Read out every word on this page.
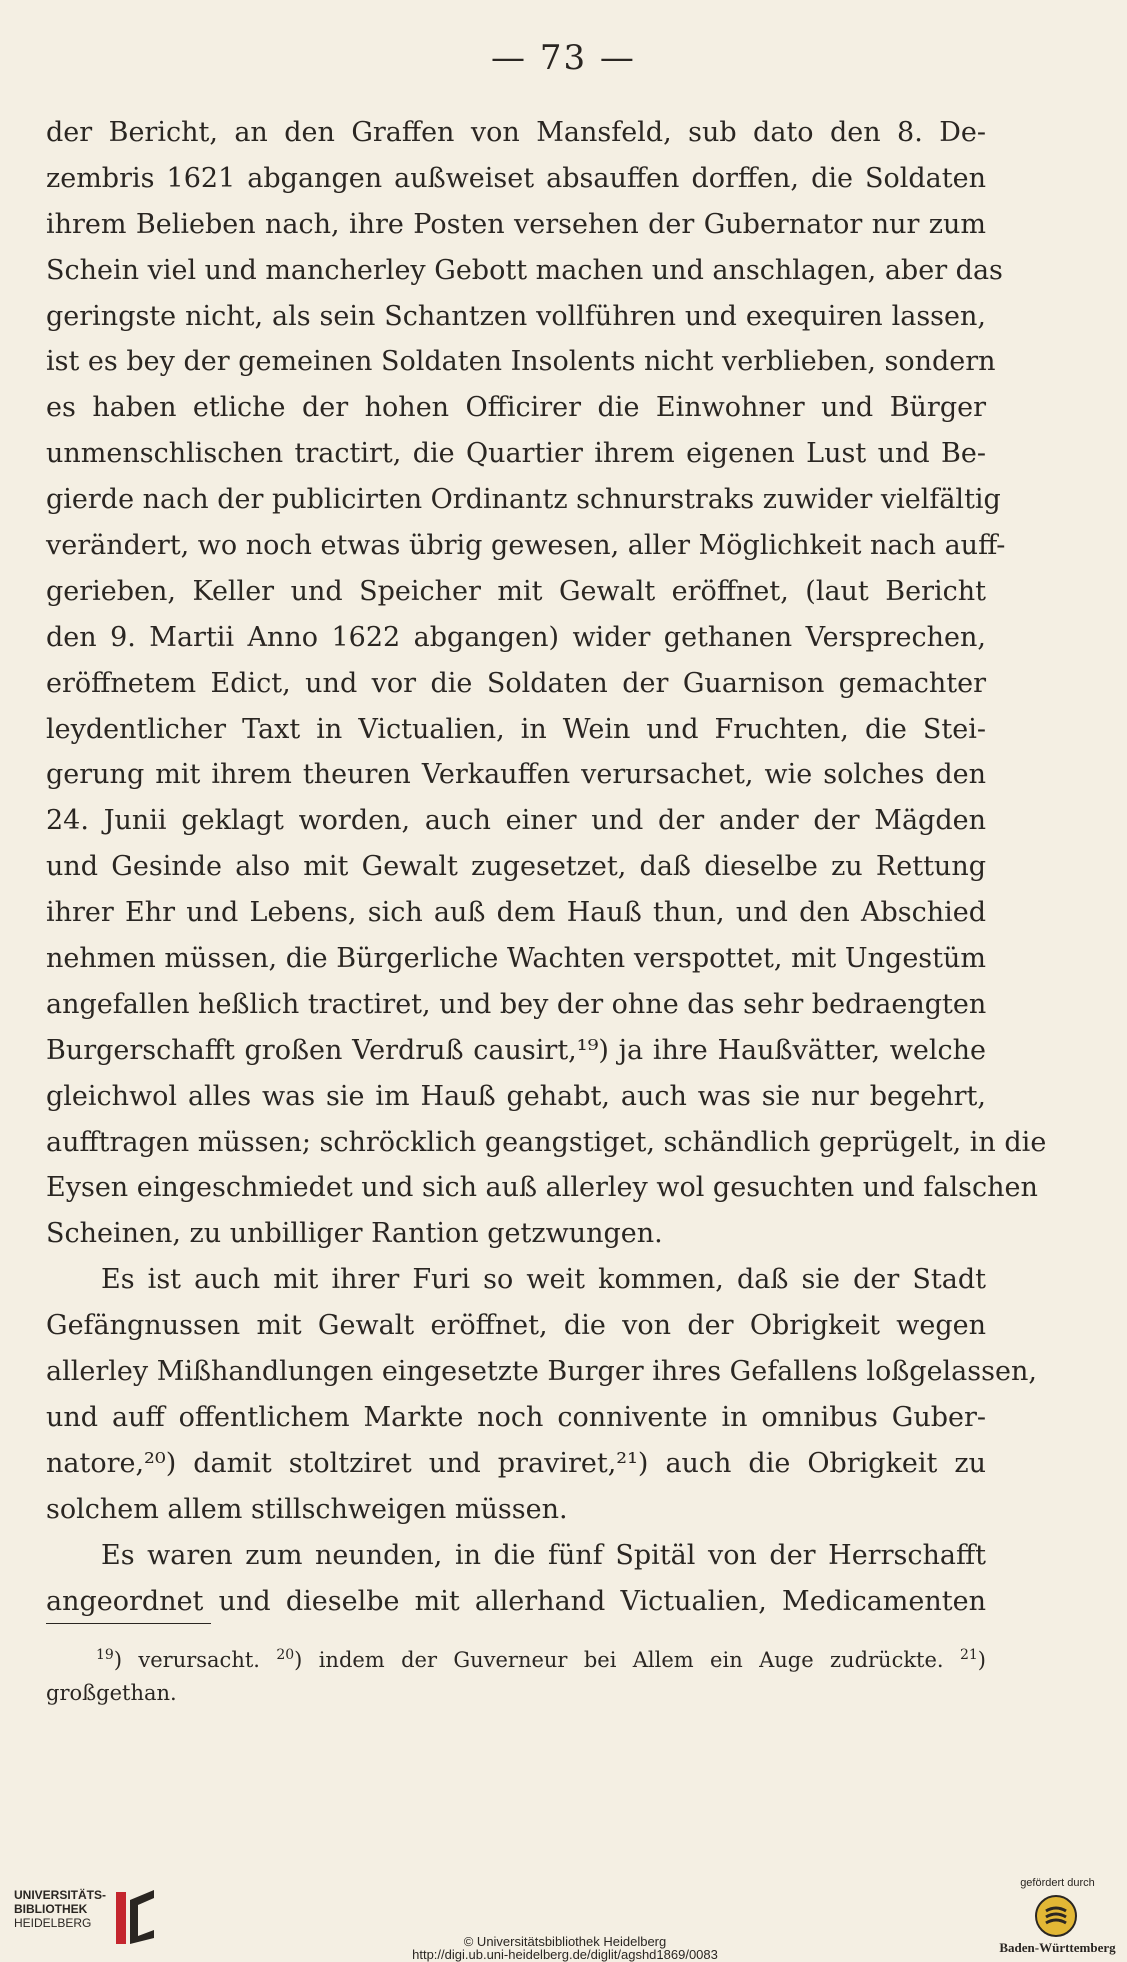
— 73 —
der Bericht, an den Graffen von Mansfeld, sub dato den 8. De-
zembris 1621 abgangen außweiset absauffen dorffen, die Soldaten
ihrem Belieben nach, ihre Posten versehen der Gubernator nur zum
Schein viel und mancherley Gebott machen und anschlagen, aber das
geringste nicht, als sein Schantzen vollführen und exequiren lassen,
ist es bey der gemeinen Soldaten Insolents nicht verblieben, sondern
es haben etliche der hohen Officirer die Einwohner und Bürger
unmenschlischen tractirt, die Quartier ihrem eigenen Lust und Be-
gierde nach der publicirten Ordinantz schnurstraks zuwider vielfältig
verändert, wo noch etwas übrig gewesen, aller Möglichkeit nach auff-
gerieben, Keller und Speicher mit Gewalt eröffnet, (laut Bericht
den 9. Martii Anno 1622 abgangen) wider gethanen Versprechen,
eröffnetem Edict, und vor die Soldaten der Guarnison gemachter
leydentlicher Taxt in Victualien, in Wein und Fruchten, die Stei-
gerung mit ihrem theuren Verkauffen verursachet, wie solches den
24. Junii geklagt worden, auch einer und der ander der Mägden
und Gesinde also mit Gewalt zugesetzet, daß dieselbe zu Rettung
ihrer Ehr und Lebens, sich auß dem Hauß thun, und den Abschied
nehmen müssen, die Bürgerliche Wachten verspottet, mit Ungestüm
angefallen heßlich tractiret, und bey der ohne das sehr bedraengten
Burgerschafft großen Verdruß causirt,¹⁹) ja ihre Haußvätter, welche
gleichwol alles was sie im Hauß gehabt, auch was sie nur begehrt,
aufftragen müssen; schröcklich geangstiget, schändlich geprügelt, in die
Eysen eingeschmiedet und sich auß allerley wol gesuchten und falschen
Scheinen, zu unbilliger Rantion getzwungen.
Es ist auch mit ihrer Furi so weit kommen, daß sie der Stadt
Gefängnussen mit Gewalt eröffnet, die von der Obrigkeit wegen
allerley Mißhandlungen eingesetzte Burger ihres Gefallens loßgelassen,
und auff offentlichem Markte noch connivente in omnibus Guber-
natore,²⁰) damit stoltziret und praviret,²¹) auch die Obrigkeit zu
solchem allem stillschweigen müssen.
Es waren zum neunden, in die fünf Spitäl von der Herrschafft
angeordnet und dieselbe mit allerhand Victualien, Medicamenten
$^{19}$) verursacht. $^{20}$) indem der Guverneur bei Allem ein Auge zudrückte. $^{21}$)
großgethan.
UNIVERSITÄTS-
BIBLIOTHEK
HEIDELBERG
© Universitätsbibliothek Heidelberg
http://digi.ub.uni-heidelberg.de/diglit/agshd1869/0083
gefördert durch
Baden-Württemberg
